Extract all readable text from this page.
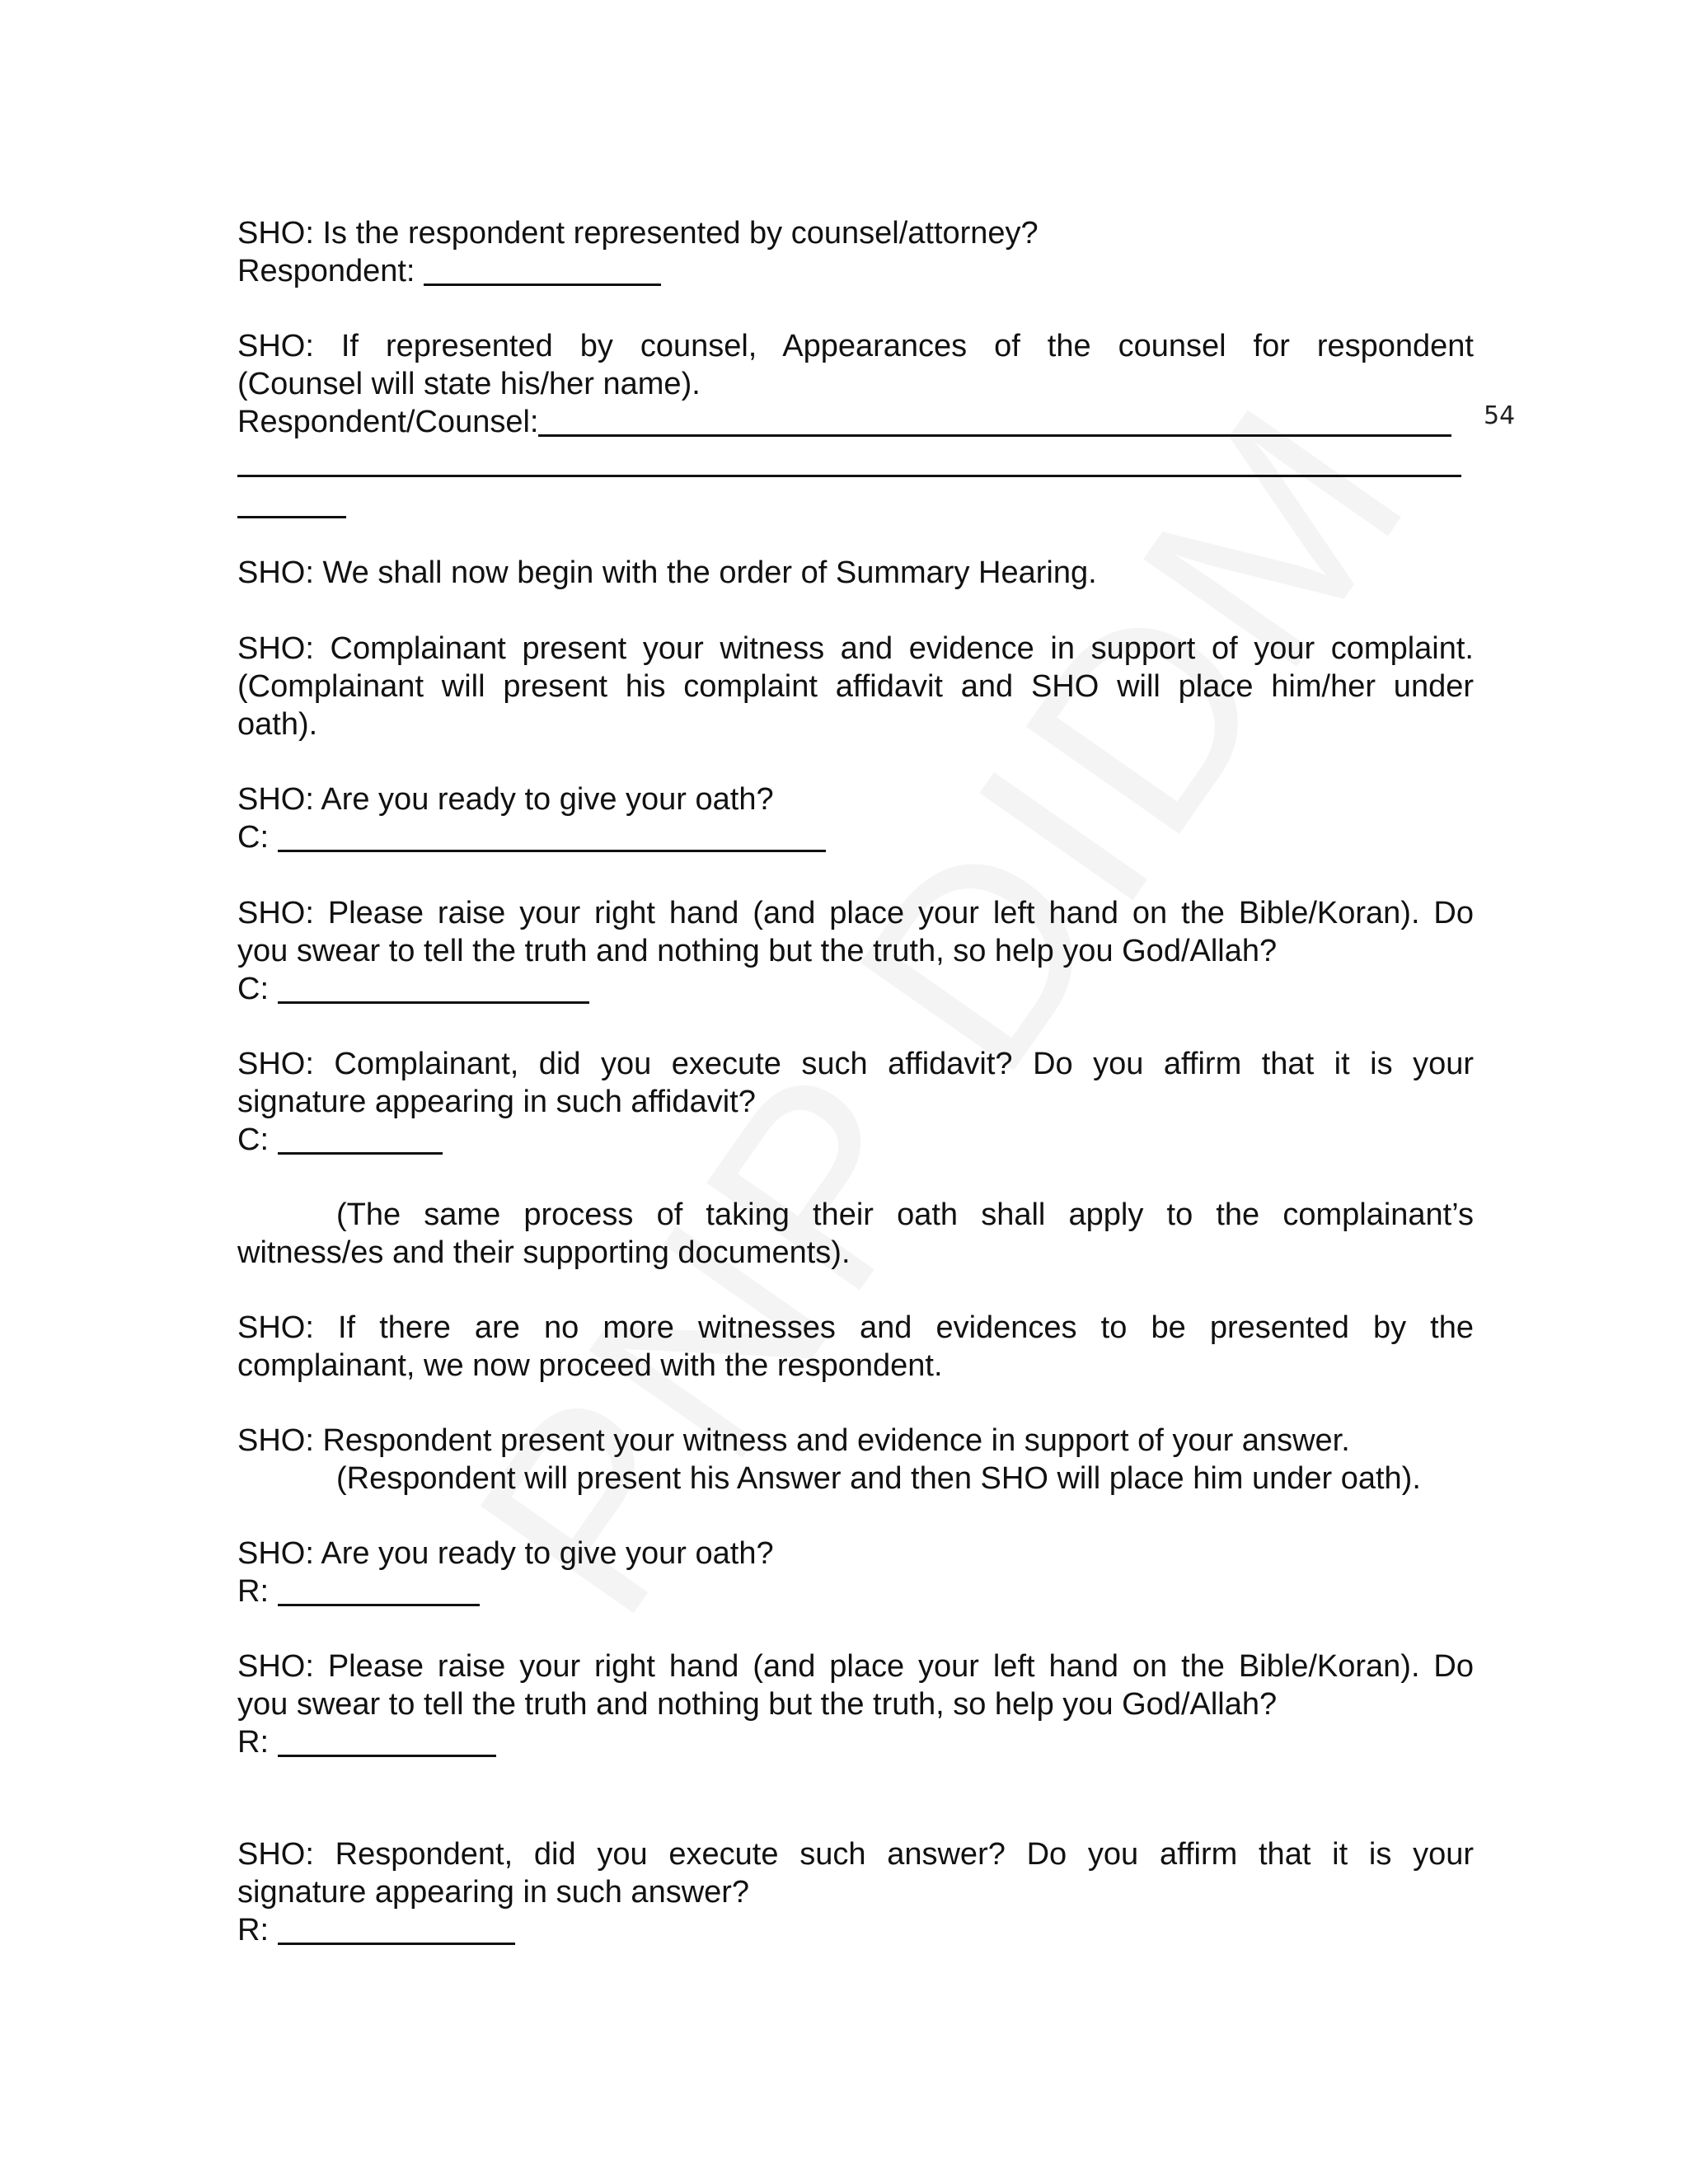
54
SHO: Is the respondent represented by counsel/attorney?
Respondent:
SHO: If represented by counsel, Appearances of the counsel for respondent
(Counsel will state his/her name).
Respondent/Counsel:
SHO: We shall now begin with the order of Summary Hearing.
SHO: Complainant present your witness and evidence in support of your complaint.
(Complainant will present his complaint affidavit and SHO will place him/her under
oath).
SHO: Are you ready to give your oath?
C:
SHO: Please raise your right hand (and place your left hand on the Bible/Koran). Do
you swear to tell the truth and nothing but the truth, so help you God/Allah?
C:
SHO: Complainant, did you execute such affidavit? Do you affirm that it is your
signature appearing in such affidavit?
C:
(The same process of taking their oath shall apply to the complainant’s
witness/es and their supporting documents).
SHO: If there are no more witnesses and evidences to be presented by the
complainant, we now proceed with the respondent.
SHO: Respondent present your witness and evidence in support of your answer.
(Respondent will present his Answer and then SHO will place him under oath).
SHO: Are you ready to give your oath?
R:
SHO: Please raise your right hand (and place your left hand on the Bible/Koran). Do
you swear to tell the truth and nothing but the truth, so help you God/Allah?
R:
SHO: Respondent, did you execute such answer? Do you affirm that it is your
signature appearing in such answer?
R:
